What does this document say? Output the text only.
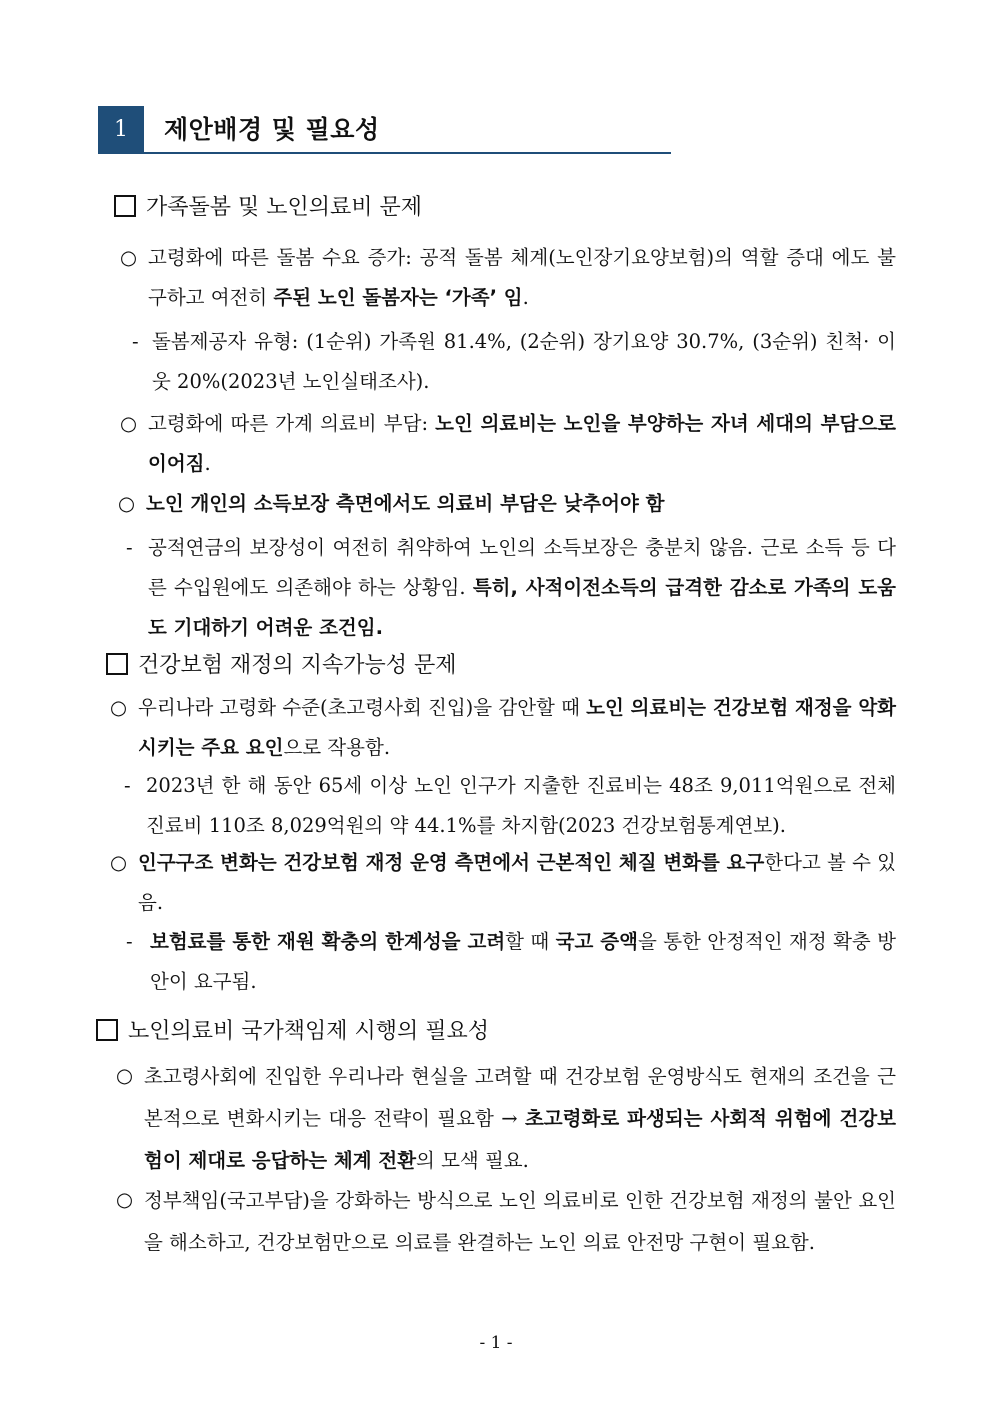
1	제안배경 및 필요성
가족돌봄 및 노인의료비 문제
○ 고령화에 따른 돌봄 수요 증가: 공적 돌봄 체계(노인장기요양보험)의 역할 증대 에도 불구하고 여전히 주된 노인 돌봄자는 ‘가족’ 임.
- 돌봄제공자 유형: (1순위) 가족원 81.4%, (2순위) 장기요양 30.7%, (3순위) 친척· 이웃 20%(2023년 노인실태조사).
○ 고령화에 따른 가계 의료비 부담: 노인 의료비는 노인을 부양하는 자녀 세대의 부담으로 이어짐.
○ 노인 개인의 소득보장 측면에서도 의료비 부담은 낮추어야 함
- 공적연금의 보장성이 여전히 취약하여 노인의 소득보장은 충분치 않음. 근로 소득 등 다른 수입원에도 의존해야 하는 상황임. 특히, 사적이전소득의 급격한 감소로 가족의 도움도 기대하기 어려운 조건임.
건강보험 재정의 지속가능성 문제
○ 우리나라 고령화 수준(초고령사회 진입)을 감안할 때 노인 의료비는 건강보험 재정을 악화시키는 주요 요인으로 작용함.
- 2023년 한 해 동안 65세 이상 노인 인구가 지출한 진료비는 48조 9,011억원으로 전체 진료비 110조 8,029억원의 약 44.1%를 차지함(2023 건강보험통계연보).
○ 인구구조 변화는 건강보험 재정 운영 측면에서 근본적인 체질 변화를 요구한다고 볼 수 있음.
- 보험료를 통한 재원 확충의 한계성을 고려할 때 국고 증액을 통한 안정적인 재정 확충 방안이 요구됨.
노인의료비 국가책임제 시행의 필요성
○ 초고령사회에 진입한 우리나라 현실을 고려할 때 건강보험 운영방식도 현재의 조건을 근본적으로 변화시키는 대응 전략이 필요함 → 초고령화로 파생되는 사회적 위험에 건강보험이 제대로 응답하는 체계 전환의 모색 필요.
○ 정부책임(국고부담)을 강화하는 방식으로 노인 의료비로 인한 건강보험 재정의 불안 요인을 해소하고, 건강보험만으로 의료를 완결하는 노인 의료 안전망 구현이 필요함.
- 1 -
